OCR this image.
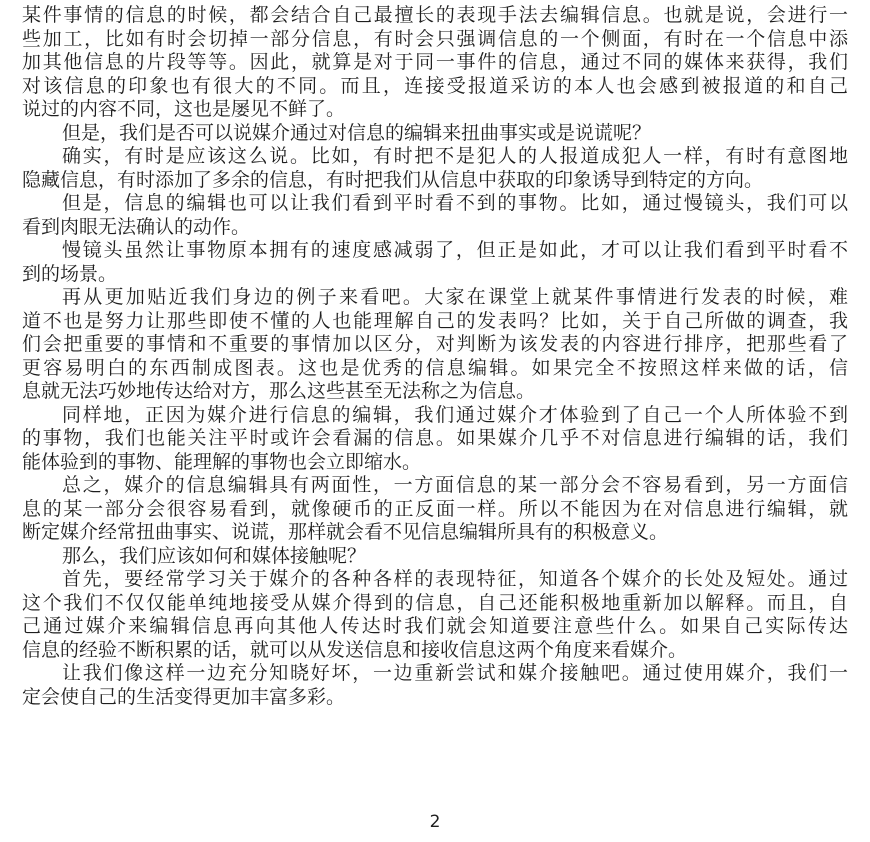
某件事情的信息的时候，都会结合自己最擅长的表现手法去编辑信息。也就是说，会进行一
些加工，比如有时会切掉一部分信息，有时会只强调信息的一个侧面，有时在一个信息中添
加其他信息的片段等等。因此，就算是对于同一事件的信息，通过不同的媒体来获得，我们
对该信息的印象也有很大的不同。而且，连接受报道采访的本人也会感到被报道的和自己
说过的内容不同，这也是屡见不鲜了。
但是，我们是否可以说媒介通过对信息的编辑来扭曲事实或是说谎呢？
确实，有时是应该这么说。比如，有时把不是犯人的人报道成犯人一样，有时有意图地
隐藏信息，有时添加了多余的信息，有时把我们从信息中获取的印象诱导到特定的方向。
但是，信息的编辑也可以让我们看到平时看不到的事物。比如，通过慢镜头，我们可以
看到肉眼无法确认的动作。
慢镜头虽然让事物原本拥有的速度感减弱了，但正是如此，才可以让我们看到平时看不
到的场景。
再从更加贴近我们身边的例子来看吧。大家在课堂上就某件事情进行发表的时候，难
道不也是努力让那些即使不懂的人也能理解自己的发表吗？比如，关于自己所做的调查，我
们会把重要的事情和不重要的事情加以区分，对判断为该发表的内容进行排序，把那些看了
更容易明白的东西制成图表。这也是优秀的信息编辑。如果完全不按照这样来做的话，信
息就无法巧妙地传达给对方，那么这些甚至无法称之为信息。
同样地，正因为媒介进行信息的编辑，我们通过媒介才体验到了自己一个人所体验不到
的事物，我们也能关注平时或许会看漏的信息。如果媒介几乎不对信息进行编辑的话，我们
能体验到的事物、能理解的事物也会立即缩水。
总之，媒介的信息编辑具有两面性，一方面信息的某一部分会不容易看到，另一方面信
息的某一部分会很容易看到，就像硬币的正反面一样。所以不能因为在对信息进行编辑，就
断定媒介经常扭曲事实、说谎，那样就会看不见信息编辑所具有的积极意义。
那么，我们应该如何和媒体接触呢？
首先，要经常学习关于媒介的各种各样的表现特征，知道各个媒介的长处及短处。通过
这个我们不仅仅能单纯地接受从媒介得到的信息，自己还能积极地重新加以解释。而且，自
己通过媒介来编辑信息再向其他人传达时我们就会知道要注意些什么。如果自己实际传达
信息的经验不断积累的话，就可以从发送信息和接收信息这两个角度来看媒介。
让我们像这样一边充分知晓好坏，一边重新尝试和媒介接触吧。通过使用媒介，我们一
定会使自己的生活变得更加丰富多彩。
2
